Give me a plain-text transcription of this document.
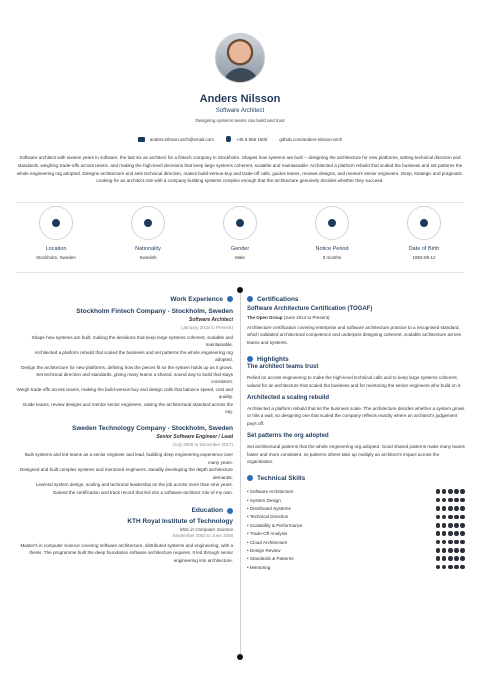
Anders Nilsson
Software Architect
Designing systems teams can build and trust
anders.nilsson.arch@email.com	+46 8 555 1500	github.com/anders-nilsson-arch
Software architect with sixteen years in software, the last six as architect for a fintech company in Stockholm. Shapes how systems are built -- designing the architecture for new platforms, setting technical direction and standards, weighing trade-offs across teams, and making the high-level decisions that keep large systems coherent, scalable and maintainable. Architected a platform rebuild that scaled the business and set patterns the whole engineering org adopted. Designs architecture and sets technical direction, makes build-versus-buy and trade-off calls, guides teams, reviews designs, and mentors senior engineers. Deep, strategic and pragmatic. Looking for an architect role with a company building systems complex enough that the architecture genuinely decides whether they succeed.
Location
Stockholm, Sweden
Nationality
Swedish
Gender
Male
Notice Period
3 months
Date of Birth
1983-09-12
Work Experience
Stockholm Fintech Company - Stockholm, Sweden
Software Architect
(January 2018 to Present)

Shape how systems are built, making the decisions that keep large systems coherent, scalable and maintainable.

Architected a platform rebuild that scaled the business and set patterns the whole engineering org adopted.

Design the architecture for new platforms, defining how the pieces fit so the system holds up as it grows.

Set technical direction and standards, giving many teams a shared, sound way to build that stays consistent.

Weigh trade-offs across teams, making the build-versus-buy and design calls that balance speed, cost and quality.

Guide teams, review designs and mentor senior engineers, raising the architectural standard across the org.

Sweden Technology Company - Stockholm, Sweden
Senior Software Engineer / Lead
(July 2008 to December 2017)

Built systems and led teams as a senior engineer and lead, building deep engineering experience over many years.

Designed and built complex systems and mentored engineers, steadily developing the depth architecture demands.

Learned system design, scaling and technical leadership on the job across more than nine years.

Gained the certification and track record that led into a software-architect role of my own.

Education
KTH Royal Institute of Technology
MSc in Computer Science
September 2003 to June 2008
Master's in computer science covering software architecture, distributed systems and engineering, with a thesis. The programme built the deep foundation software architecture requires. It led through senior engineering into architecture.
Certifications
Software Architecture Certification (TOGAF)
The Open Group (June 2014 to Present)
Architecture certification covering enterprise and software architecture practice to a recognised standard, which validated architectural competence and underpins designing coherent, scalable architecture across teams and systems.
Highlights
The architect teams trust
Relied on across engineering to make the high-level technical calls and to keep large systems coherent, valued for an architecture that scaled the business and for mentoring the senior engineers who build on it.
Architected a scaling rebuild
Architected a platform rebuild that let the business scale. The architecture decides whether a system grows or hits a wall, so designing one that scaled the company reflects exactly where an architect's judgement pays off.
Set patterns the org adopted
Set architectural patterns that the whole engineering org adopted. Good shared patterns make many teams faster and more consistent, so patterns others take up multiply an architect's impact across the organisation.
Technical Skills
• Software Architecture
• System Design
• Distributed Systems
• Technical Direction
• Scalability & Performance
• Trade-Off Analysis
• Cloud Architecture
• Design Review
• Standards & Patterns
• Mentoring
